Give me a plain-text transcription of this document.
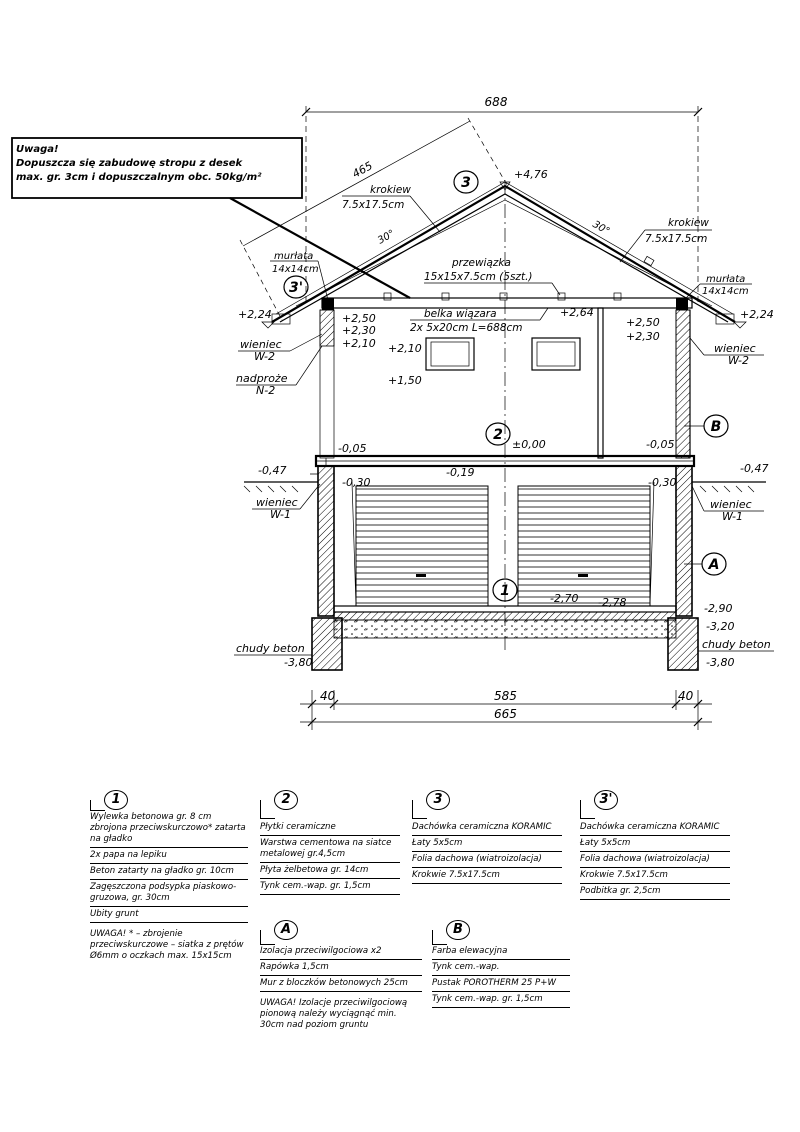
Uwaga!
Dopuszcza się zabudowę stropu z desek
max. gr. 3cm i dopuszczalnym obc. 50kg/m²
688
465
krokiew
7.5x17.5cm
krokiew
7.5x17.5cm
30°	30°
przewiązka
15x15x7.5cm (5szt.)
belka wiązara
2x 5x20cm L=688cm
murłata
14x14cm
murłata
14x14cm
+4,76
+2,24	+2,24
+2,50
+2,30
+2,10
+2,64
+2,50
+2,30
+2,10
+1,50
±0,00
-0,05	-0,05
-0,47	-0,47
-0,30	-0,30
-0,19
-2,70 -2,78	-2,90
-3,20
-3,80	-3,80
wieniec
W-2
nadproże
N-2
wieniec
W-2
wieniec
W-1
wieniec
W-1
chudy beton	chudy beton
3
3'
2
1
B
A
40	585	40
665
1
Wylewka betonowa gr. 8 cm zbrojona przeciwskurczowo* zatarta na gładko
2x papa na lepiku
Beton zatarty na gładko gr. 10cm
Zagęszczona podsypka piaskowo-gruzowa, gr. 30cm
Ubity grunt
UWAGA! * – zbrojenie przeciwskurczowe – siatka z prętów Ø6mm o oczkach max. 15x15cm
2
Płytki ceramiczne
Warstwa cementowa na siatce metalowej gr.4,5cm
Płyta żelbetowa gr. 14cm
Tynk cem.-wap. gr. 1,5cm
3
Dachówka ceramiczna KORAMIC
Łaty 5x5cm
Folia dachowa (wiatroizolacja)
Krokwie 7.5x17.5cm
3'
Dachówka ceramiczna KORAMIC
Łaty 5x5cm
Folia dachowa (wiatroizolacja)
Krokwie 7.5x17.5cm
Podbitka gr. 2,5cm
A
Izolacja przeciwilgociowa x2
Rapówka 1,5cm
Mur z bloczków betonowych 25cm
UWAGA! Izolacje przeciwilgociową pionową należy wyciągnąć min. 30cm nad poziom gruntu
B
Farba elewacyjna
Tynk cem.-wap.
Pustak POROTHERM 25 P+W
Tynk cem.-wap. gr. 1,5cm
